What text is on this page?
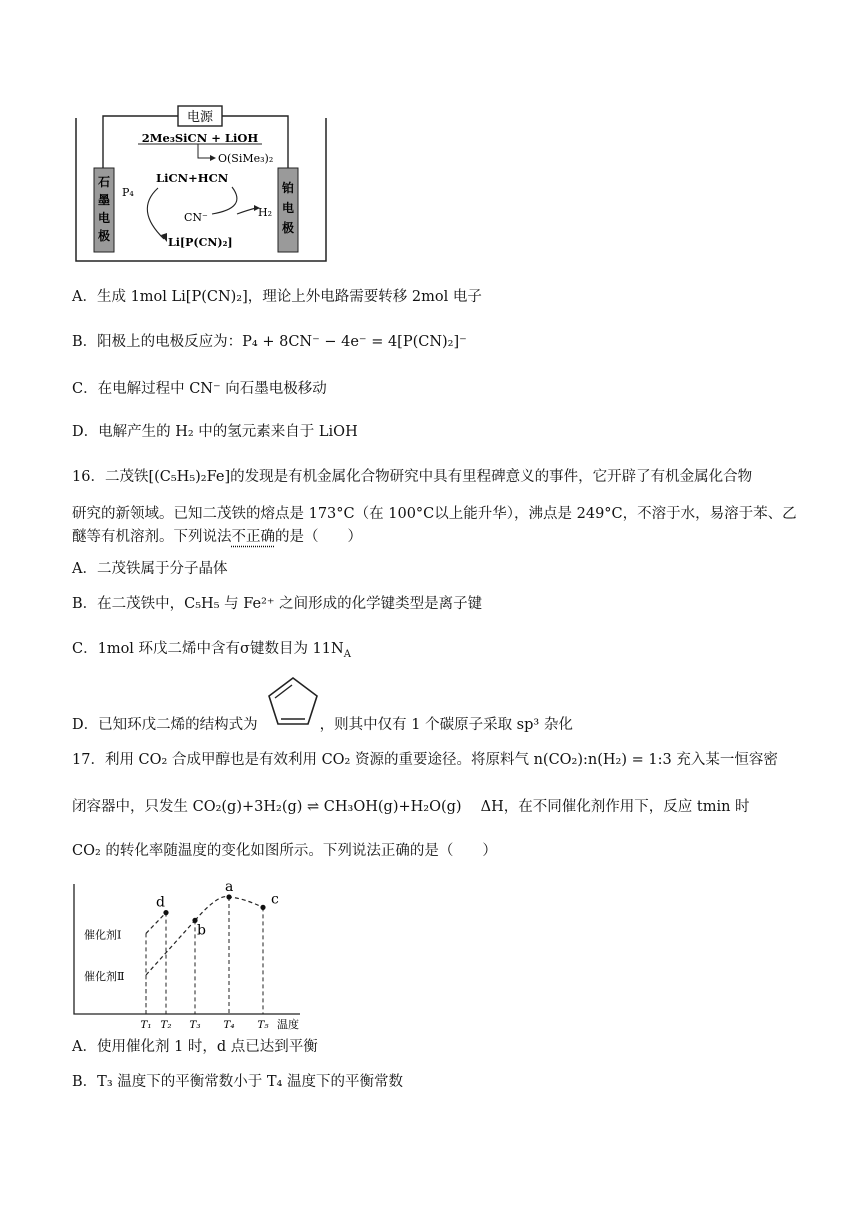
电源
石
墨
电
极
铂
电
极
2Me₃SiCN + LiOH
O(SiMe₃)₂
LiCN+HCN
P₄
CN⁻	H₂
Li[P(CN)₂]
A．生成 1mol Li[P(CN)₂]，理论上外电路需要转移 2mol 电子
B．阳极上的电极反应为：P₄ + 8CN⁻ − 4e⁻ = 4[P(CN)₂]⁻
C．在电解过程中 CN⁻ 向石墨电极移动
D．电解产生的 H₂ 中的氢元素来自于 LiOH
16．二茂铁[(C₅H₅)₂Fe]的发现是有机金属化合物研究中具有里程碑意义的事件，它开辟了有机金属化合物
研究的新领域。已知二茂铁的熔点是 173°C（在 100°C以上能升华），沸点是 249°C，不溶于水，易溶于苯、乙
醚等有机溶剂。下列说法不正确的是（　　）
A．二茂铁属于分子晶体
B．在二茂铁中，C₅H₅ 与 Fe²⁺ 之间形成的化学键类型是离子键
C．1mol 环戊二烯中含有σ键数目为 $11N_A$
D．已知环戊二烯的结构式为	，则其中仅有 1 个碳原子采取 sp³ 杂化
17．利用 CO₂ 合成甲醇也是有效利用 CO₂ 资源的重要途径。将原料气 n(CO₂):n(H₂) = 1:3 充入某一恒容密
闭容器中，只发生 CO₂(g)+3H₂(g) ⇌ CH₃OH(g)+H₂O(g)　 ΔH，在不同催化剂作用下，反应 tmin 时
CO₂ 的转化率随温度的变化如图所示。下列说法正确的是（　　）
d
b
a
c
催化剂Ⅰ
催化剂Ⅱ
T₁ T₂ T₃ T₄ T₅ 温度
A．使用催化剂 1 时，d 点已达到平衡
B．T₃ 温度下的平衡常数小于 T₄ 温度下的平衡常数
